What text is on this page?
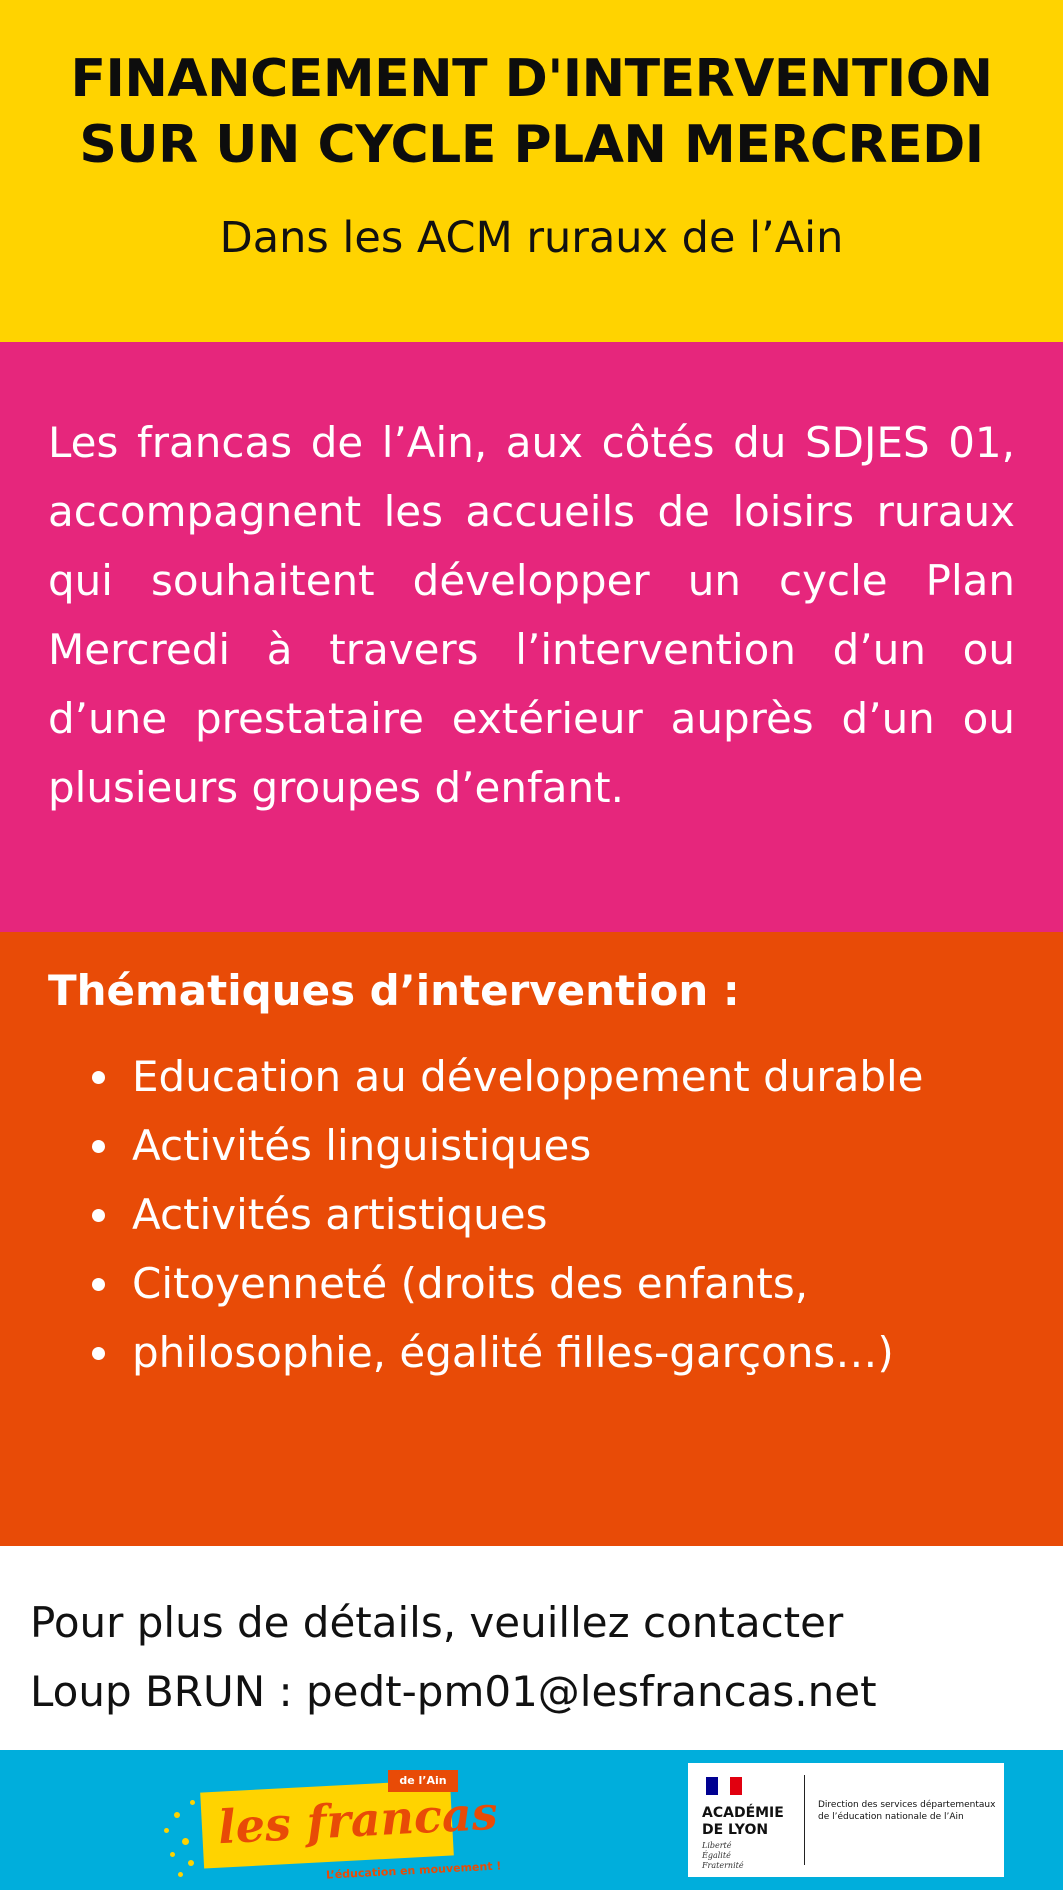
FINANCEMENT D'INTERVENTION
SUR UN CYCLE PLAN MERCREDI

Dans les ACM ruraux de l’Ain

Les francas de l’Ain, aux côtés du SDJES 01, accompagnent les accueils de loisirs ruraux qui souhaitent développer un cycle Plan Mercredi à travers l’intervention d’un ou d’une prestataire extérieur auprès d’un ou plusieurs groupes d’enfant.

Thématiques d’intervention :
Education au développement durable
Activités linguistiques
Activités artistiques
Citoyenneté (droits des enfants,
philosophie, égalité filles-garçons…)

Pour plus de détails, veuillez contacter
Loup BRUN : pedt-pm01@lesfrancas.net

de l’Ain
les francas
L’éducation en mouvement !
ACADÉMIE
DE LYON
Liberté
Égalité
Fraternité
Direction des services départementaux de l’éducation nationale de l’Ain
